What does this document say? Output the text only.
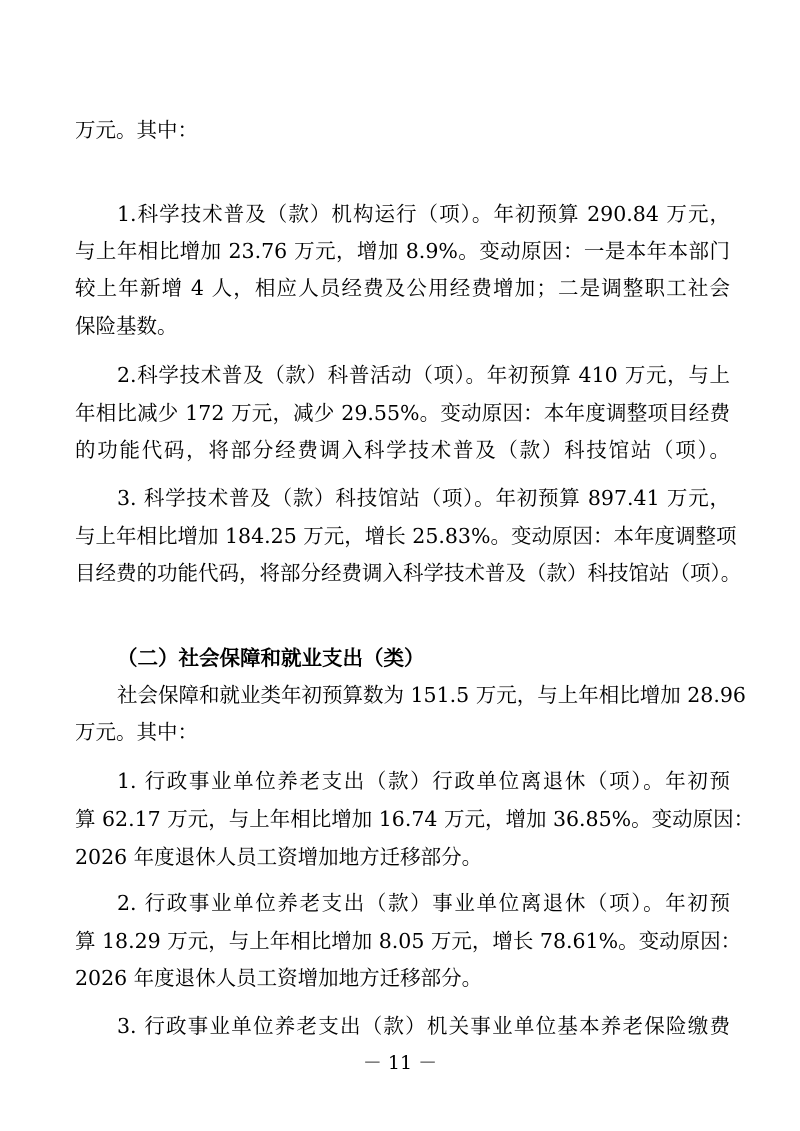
万元。其中：
1.科学技术普及（款）机构运行（项）。年初预算 290.84 万元，
与上年相比增加 23.76 万元，增加 8.9%。变动原因：一是本年本部门
较上年新增 4 人，相应人员经费及公用经费增加；二是调整职工社会
保险基数。
2.科学技术普及（款）科普活动（项）。年初预算 410 万元，与上
年相比减少 172 万元，减少 29.55%。变动原因：本年度调整项目经费
的功能代码，将部分经费调入科学技术普及（款）科技馆站（项）。
3. 科学技术普及（款）科技馆站（项）。年初预算 897.41 万元，
与上年相比增加 184.25 万元，增长 25.83%。变动原因：本年度调整项
目经费的功能代码，将部分经费调入科学技术普及（款）科技馆站（项）。
（二）社会保障和就业支出（类）
社会保障和就业类年初预算数为 151.5 万元，与上年相比增加 28.96
万元。其中：
1. 行政事业单位养老支出（款）行政单位离退休（项）。年初预
算 62.17 万元，与上年相比增加 16.74 万元，增加 36.85%。变动原因：
2026 年度退休人员工资增加地方迁移部分。
2. 行政事业单位养老支出（款）事业单位离退休（项）。年初预
算 18.29 万元，与上年相比增加 8.05 万元，增长 78.61%。变动原因：
2026 年度退休人员工资增加地方迁移部分。
3. 行政事业单位养老支出（款）机关事业单位基本养老保险缴费
－ 11 －
